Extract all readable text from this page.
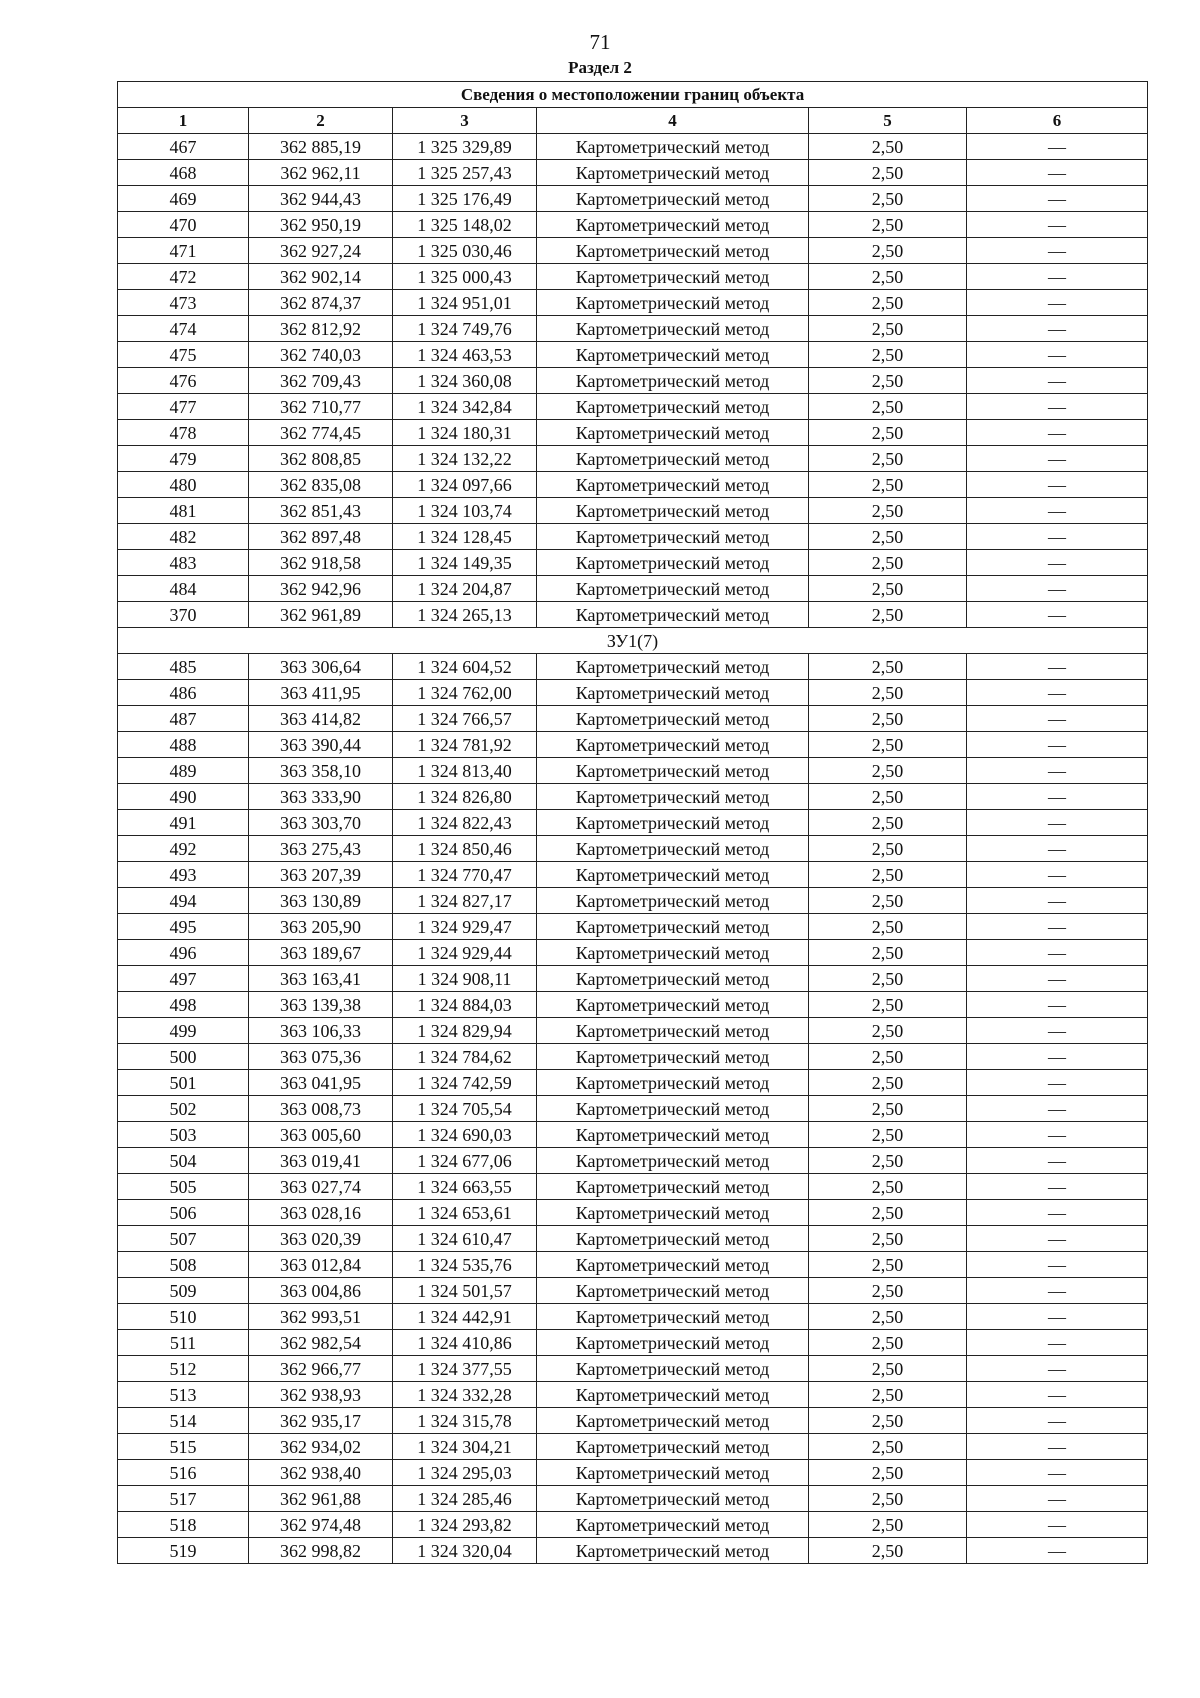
71
Раздел 2
Сведения о местоположении границ объекта					
1	2	3	4	5	6
467	362 885,19	1 325 329,89	Картометрический метод	2,50	—
468	362 962,11	1 325 257,43	Картометрический метод	2,50	—
469	362 944,43	1 325 176,49	Картометрический метод	2,50	—
470	362 950,19	1 325 148,02	Картометрический метод	2,50	—
471	362 927,24	1 325 030,46	Картометрический метод	2,50	—
472	362 902,14	1 325 000,43	Картометрический метод	2,50	—
473	362 874,37	1 324 951,01	Картометрический метод	2,50	—
474	362 812,92	1 324 749,76	Картометрический метод	2,50	—
475	362 740,03	1 324 463,53	Картометрический метод	2,50	—
476	362 709,43	1 324 360,08	Картометрический метод	2,50	—
477	362 710,77	1 324 342,84	Картометрический метод	2,50	—
478	362 774,45	1 324 180,31	Картометрический метод	2,50	—
479	362 808,85	1 324 132,22	Картометрический метод	2,50	—
480	362 835,08	1 324 097,66	Картометрический метод	2,50	—
481	362 851,43	1 324 103,74	Картометрический метод	2,50	—
482	362 897,48	1 324 128,45	Картометрический метод	2,50	—
483	362 918,58	1 324 149,35	Картометрический метод	2,50	—
484	362 942,96	1 324 204,87	Картометрический метод	2,50	—
370	362 961,89	1 324 265,13	Картометрический метод	2,50	—
ЗУ1(7)					
485	363 306,64	1 324 604,52	Картометрический метод	2,50	—
486	363 411,95	1 324 762,00	Картометрический метод	2,50	—
487	363 414,82	1 324 766,57	Картометрический метод	2,50	—
488	363 390,44	1 324 781,92	Картометрический метод	2,50	—
489	363 358,10	1 324 813,40	Картометрический метод	2,50	—
490	363 333,90	1 324 826,80	Картометрический метод	2,50	—
491	363 303,70	1 324 822,43	Картометрический метод	2,50	—
492	363 275,43	1 324 850,46	Картометрический метод	2,50	—
493	363 207,39	1 324 770,47	Картометрический метод	2,50	—
494	363 130,89	1 324 827,17	Картометрический метод	2,50	—
495	363 205,90	1 324 929,47	Картометрический метод	2,50	—
496	363 189,67	1 324 929,44	Картометрический метод	2,50	—
497	363 163,41	1 324 908,11	Картометрический метод	2,50	—
498	363 139,38	1 324 884,03	Картометрический метод	2,50	—
499	363 106,33	1 324 829,94	Картометрический метод	2,50	—
500	363 075,36	1 324 784,62	Картометрический метод	2,50	—
501	363 041,95	1 324 742,59	Картометрический метод	2,50	—
502	363 008,73	1 324 705,54	Картометрический метод	2,50	—
503	363 005,60	1 324 690,03	Картометрический метод	2,50	—
504	363 019,41	1 324 677,06	Картометрический метод	2,50	—
505	363 027,74	1 324 663,55	Картометрический метод	2,50	—
506	363 028,16	1 324 653,61	Картометрический метод	2,50	—
507	363 020,39	1 324 610,47	Картометрический метод	2,50	—
508	363 012,84	1 324 535,76	Картометрический метод	2,50	—
509	363 004,86	1 324 501,57	Картометрический метод	2,50	—
510	362 993,51	1 324 442,91	Картометрический метод	2,50	—
511	362 982,54	1 324 410,86	Картометрический метод	2,50	—
512	362 966,77	1 324 377,55	Картометрический метод	2,50	—
513	362 938,93	1 324 332,28	Картометрический метод	2,50	—
514	362 935,17	1 324 315,78	Картометрический метод	2,50	—
515	362 934,02	1 324 304,21	Картометрический метод	2,50	—
516	362 938,40	1 324 295,03	Картометрический метод	2,50	—
517	362 961,88	1 324 285,46	Картометрический метод	2,50	—
518	362 974,48	1 324 293,82	Картометрический метод	2,50	—
519	362 998,82	1 324 320,04	Картометрический метод	2,50	—
